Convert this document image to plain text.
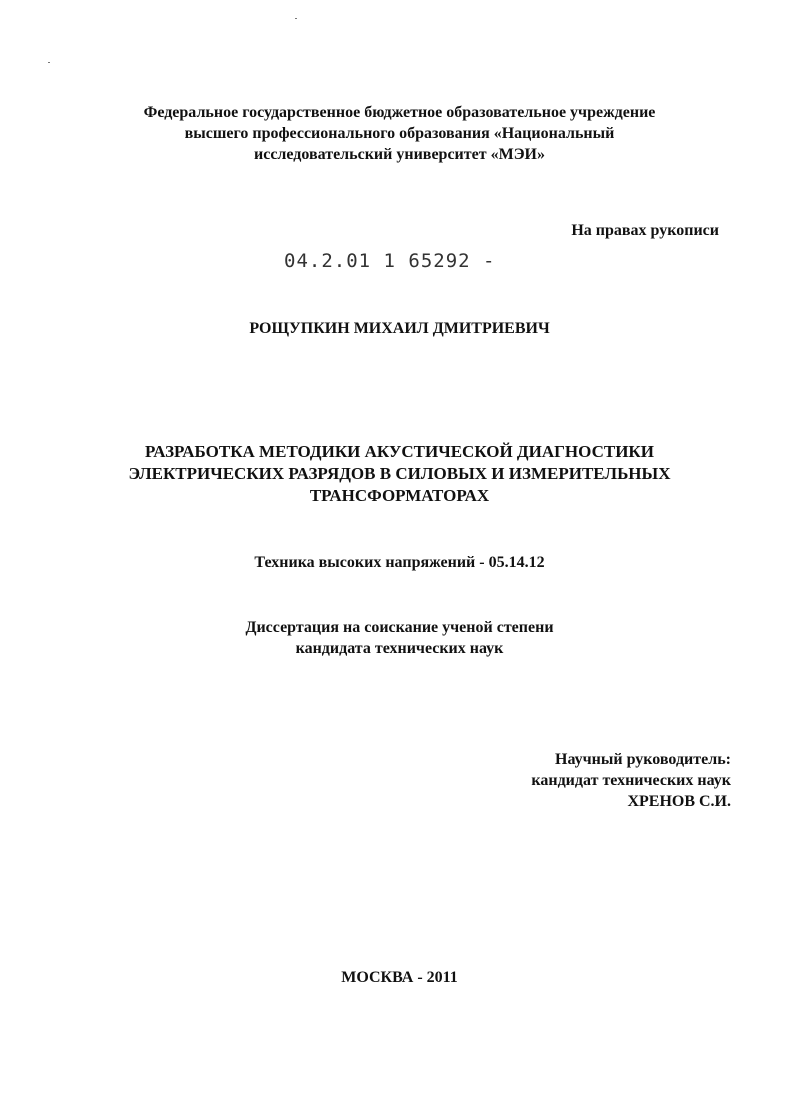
Федеральное государственное бюджетное образовательное учреждение
высшего профессионального образования «Национальный
исследовательский университет «МЭИ»
На правах рукописи
04.2.01 1 65292 -
РОЩУПКИН МИХАИЛ ДМИТРИЕВИЧ
РАЗРАБОТКА МЕТОДИКИ АКУСТИЧЕСКОЙ ДИАГНОСТИКИ
ЭЛЕКТРИЧЕСКИХ РАЗРЯДОВ В СИЛОВЫХ И ИЗМЕРИТЕЛЬНЫХ
ТРАНСФОРМАТОРАХ
Техника высоких напряжений - 05.14.12
Диссертация на соискание ученой степени
кандидата технических наук
Научный руководитель:
кандидат технических наук
ХРЕНОВ С.И.
МОСКВА - 2011
